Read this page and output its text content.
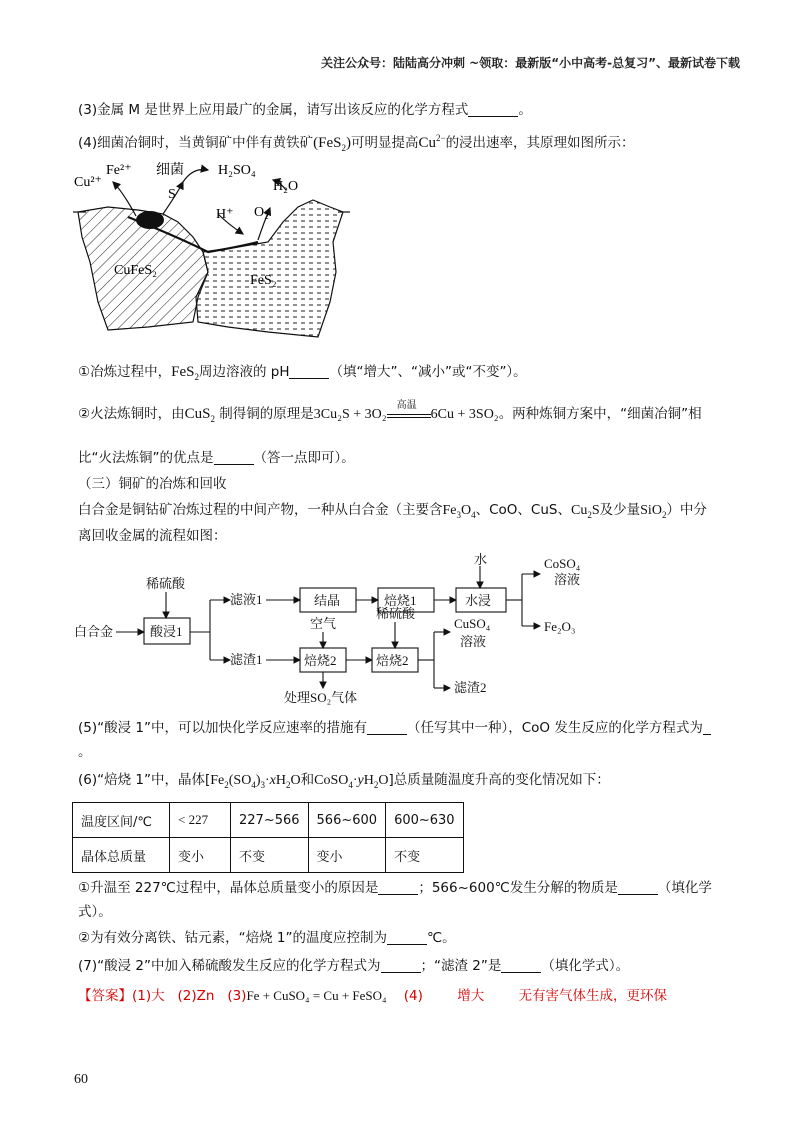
关注公众号：陆陆高分冲刺 ~领取：最新版“小中高考-总复习”、最新试卷下载
(3)金属 M 是世界上应用最广的金属，请写出该反应的化学方程式	。
(4)细菌冶铜时，当黄铜矿中伴有黄铁矿(FeS$_2$)可明显提高$Cu^{2-}$的浸出速率，其原理如图所示：
Cu²⁺
Fe²⁺ 细菌
S
H₂SO₄
H₂O
H⁺ O₂
CuFeS₂
FeS₂
①冶炼过程中，FeS$_2$周边溶液的 pH	（填“增大”、“减小”或“不变”）。
②火法炼铜时，由CuS$_2$ 制得铜的原理是3Cu₂S + 3O₂
高温
6Cu + 3SO₂。两种炼铜方案中，“细菌冶铜”相
比“火法炼铜”的优点是	（答一点即可）。
（三）铜矿的冶炼和回收
白合金是铜钴矿冶炼过程的中间产物，一种从白合金（主要含$Fe_3O_4$、CoO、CuS、$Cu_2S$及少量SiO$_2$）中分
离回收金属的流程如图：
白合金
稀硫酸
酸浸1
滤液1	结晶	焙烧1
水
水浸
CoSO₄
溶液
Fe₂O₃
滤渣1
空气
焙烧2
稀硫酸
焙烧2
CuSO₄
溶液
处理SO₂气体
滤渣2
(5)“酸浸 1”中，可以加快化学反应速率的措施有	（任写其中一种），CoO 发生反应的化学方程式为
。
(6)“焙烧 1”中，晶体[$Fe_2(SO_4)_3\cdot xH_2O$和$CoSO_4\cdot yH_2O$]总质量随温度升高的变化情况如下：
温度区间/℃	< 227	227~566	566~600	600~630
晶体总质量	变小	不变	变小	不变
①升温至 227℃过程中，晶体总质量变小的原因是	；566~600℃发生分解的物质是	（填化学
式）。
②为有效分离铁、钴元素，“焙烧 1”的温度应控制为	℃。
(7)“酸浸 2”中加入稀硫酸发生反应的化学方程式为	；“滤渣 2”是	（填化学式）。
【答案】(1)大 (2)Zn (3)Fe + CuSO₄ = Cu + FeSO₄ (4)	增大	无有害气体生成，更环保
60
